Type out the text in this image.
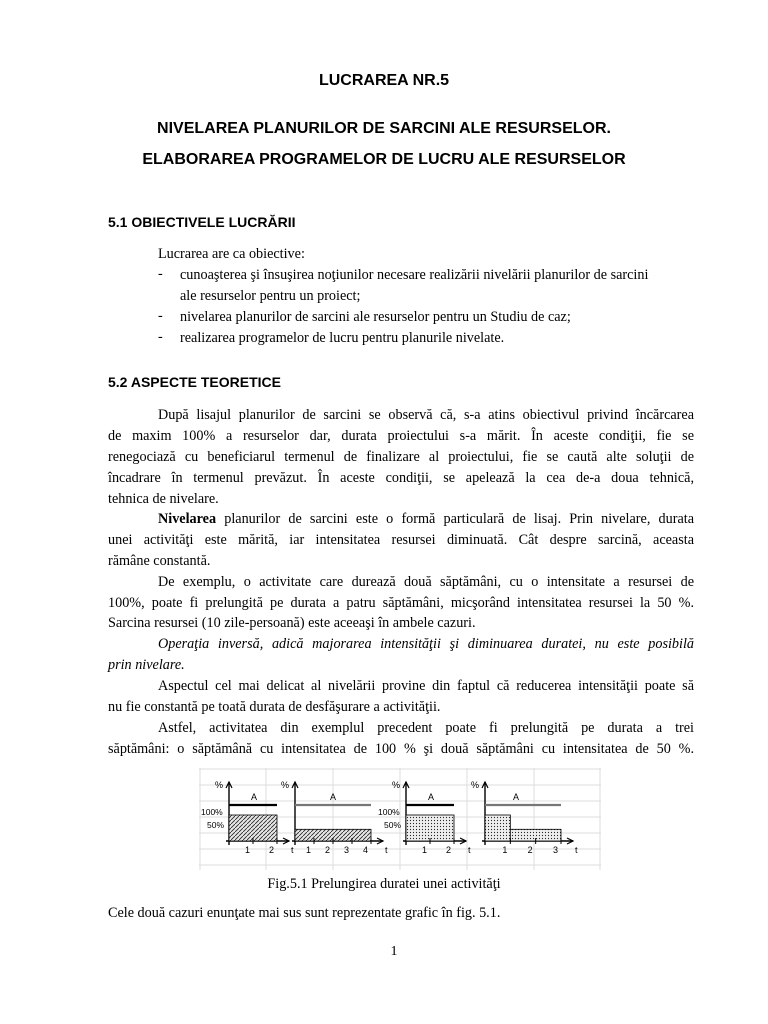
LUCRAREA NR.5
NIVELAREA PLANURILOR DE SARCINI ALE RESURSELOR.
ELABORAREA PROGRAMELOR DE LUCRU ALE RESURSELOR
5.1 OBIECTIVELE LUCRĂRII
Lucrarea are ca obiective:
- cunoaşterea şi însuşirea noţiunilor necesare realizării nivelării planurilor de sarcini
ale resurselor pentru un proiect;
- nivelarea planurilor de sarcini ale resurselor pentru un Studiu de caz;
- realizarea programelor de lucru pentru planurile nivelate.
5.2 ASPECTE TEORETICE
După lisajul planurilor de sarcini se observă că, s-a atins obiectivul privind încărcarea
de maxim 100% a resurselor dar, durata proiectului s-a mărit. În aceste condiţii, fie se
renegociază cu beneficiarul termenul de finalizare al proiectului, fie se caută alte soluţii de
încadrare în termenul prevăzut. În aceste condiţii, se apelează la cea de-a doua tehnică,
tehnica de nivelare.
Nivelarea planurilor de sarcini este o formă particulară de lisaj. Prin nivelare, durata
unei activităţi este mărită, iar intensitatea resursei diminuată. Cât despre sarcină, aceasta
rămâne constantă.
De exemplu, o activitate care durează două săptămâni, cu o intensitate a resursei de
100%, poate fi prelungită pe durata a patru săptămâni, micşorând intensitatea resursei la 50 %.
Sarcina resursei (10 zile-persoană) este aceeaşi în ambele cazuri.
Operaţia inversă, adică majorarea intensităţii şi diminuarea duratei, nu este posibilă
prin nivelare.
Aspectul cel mai delicat al nivelării provine din faptul că reducerea intensităţii poate să
nu fie constantă pe toată durata de desfăşurare a activităţii.
Astfel, activitatea din exemplul precedent poate fi prelungită pe durata a trei
săptămâni: o săptămână cu intensitatea de 100 % şi două săptămâni cu intensitatea de 50 %.
%
t
A
100%
50%
1 2
%
t
A
1 2 3 4
%
t
A
100%
50%
1 2
%
t
A
1 2 3
Fig.5.1 Prelungirea duratei unei activităţi
Cele două cazuri enunţate mai sus sunt reprezentate grafic în fig. 5.1.
1
